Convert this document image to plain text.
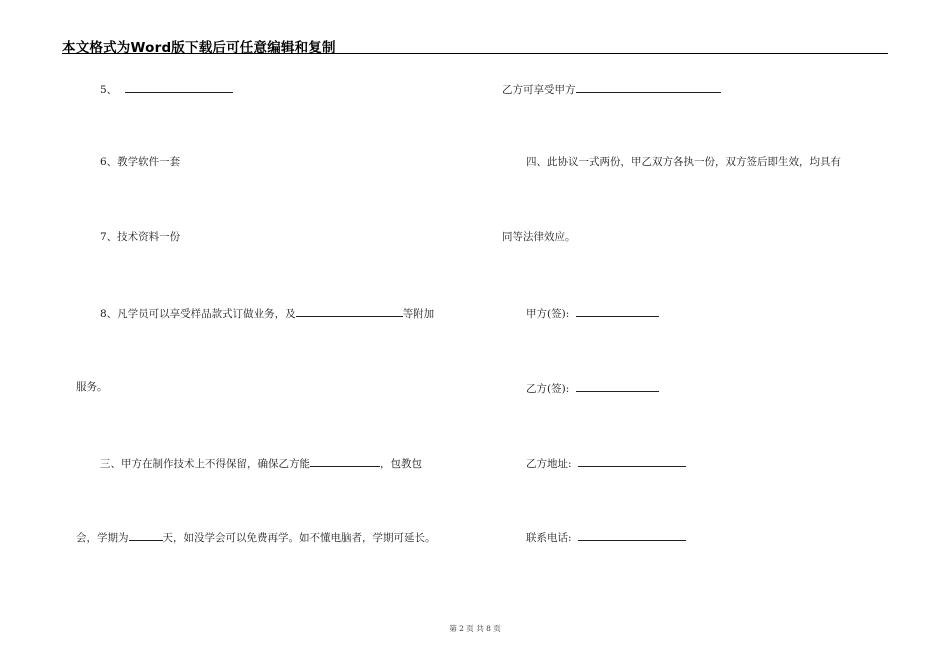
本文格式为Word版下载后可任意编辑和复制
5、
6、教学软件一套
7、技术资料一份
8、凡学员可以享受样品款式订做业务，及	等附加
服务。
三、甲方在制作技术上不得保留，确保乙方能	，包教包
会，学期为	天，如没学会可以免费再学。如不懂电脑者，学期可延长。
乙方可享受甲方
四、此协议一式两份，甲乙双方各执一份，双方签后即生效，均具有
同等法律效应。
甲方(签):
乙方(签):
乙方地址:
联系电话:
第 2 页 共 8 页
